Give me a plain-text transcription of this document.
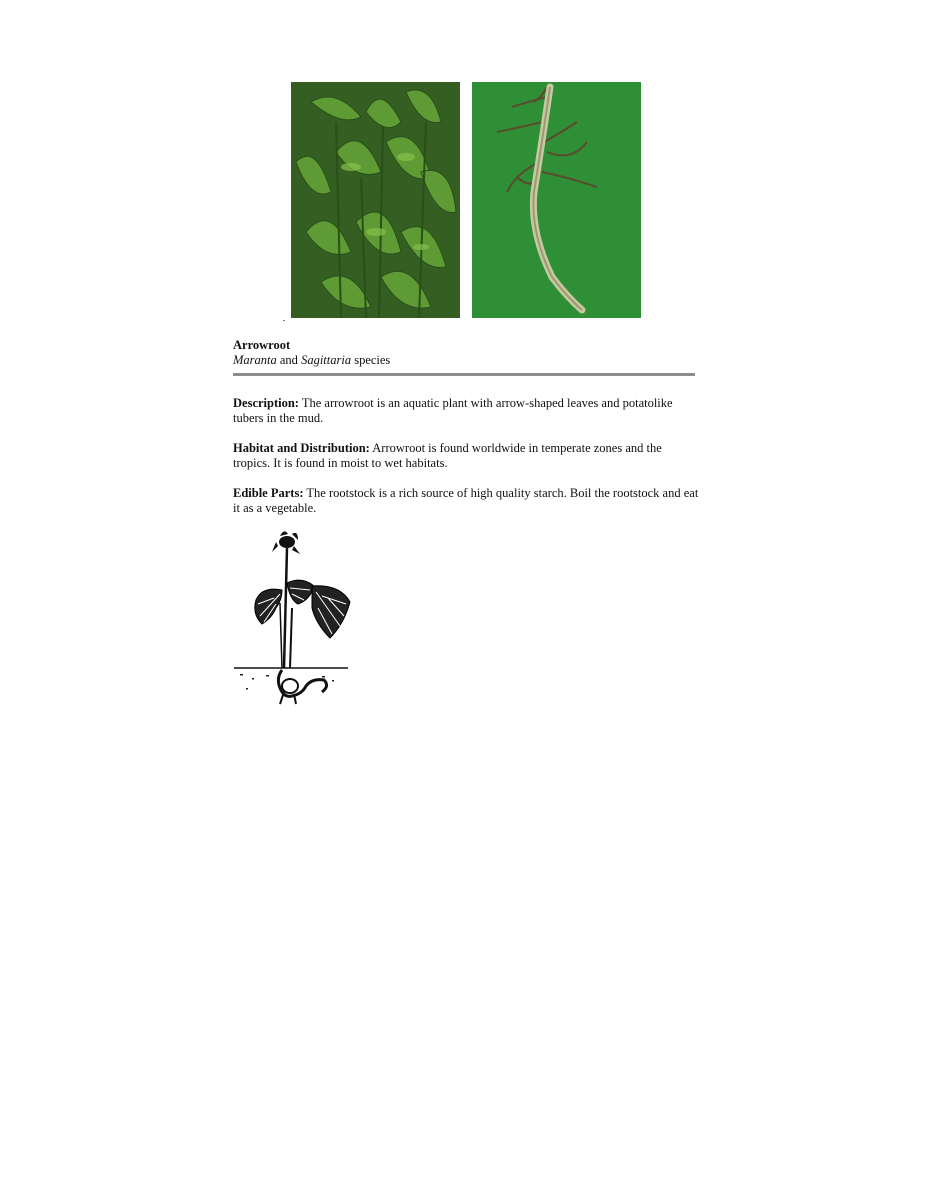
Arrowroot
Maranta and Sagittaria species
Description: The arrowroot is an aquatic plant with arrow-shaped leaves and potatolike tubers in the mud.
Habitat and Distribution: Arrowroot is found worldwide in temperate zones and the tropics. It is found in moist to wet habitats.
Edible Parts: The rootstock is a rich source of high quality starch. Boil the rootstock and eat it as a vegetable.
